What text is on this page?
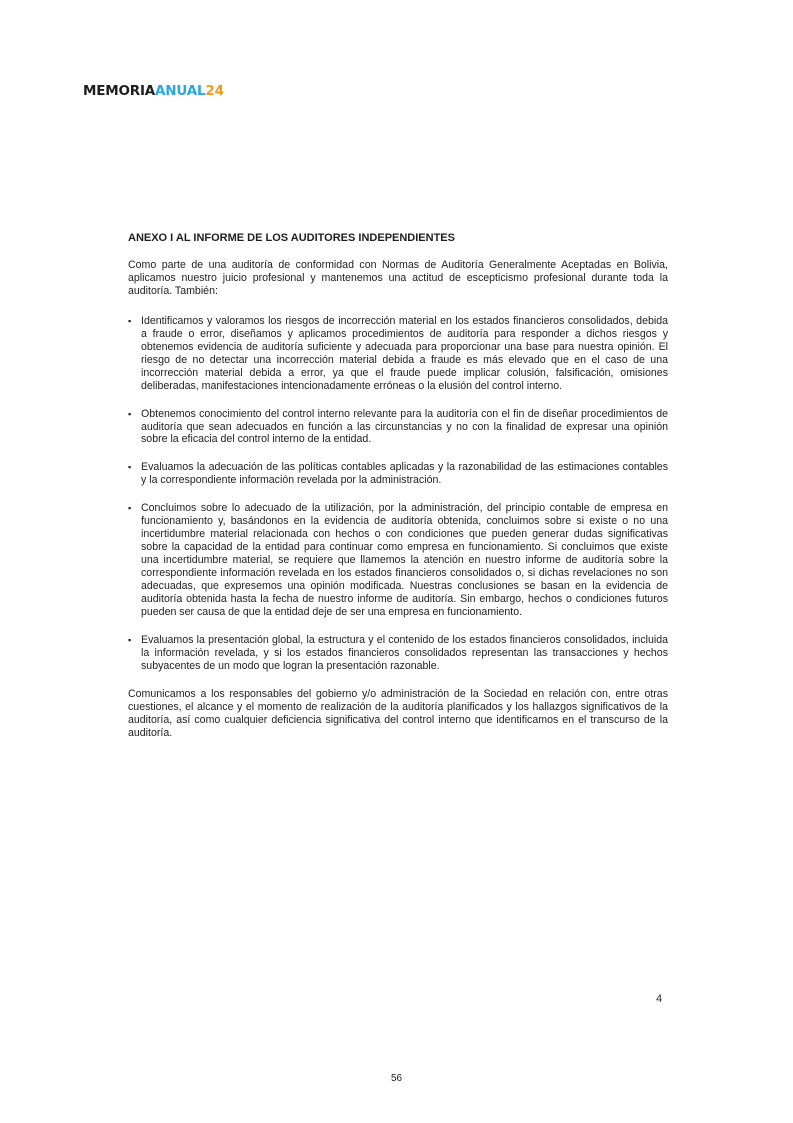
MEMORIAANUAL24
ANEXO I AL INFORME DE LOS AUDITORES INDEPENDIENTES

Como parte de una auditoría de conformidad con Normas de Auditoría Generalmente Aceptadas en Bolivia, aplicamos nuestro juicio profesional y mantenemos una actitud de escepticismo profesional durante toda la auditoría. También:

▪ Identificamos y valoramos los riesgos de incorrección material en los estados financieros consolidados, debida a fraude o error, diseñamos y aplicamos procedimientos de auditoría para responder a dichos riesgos y obtenemos evidencia de auditoría suficiente y adecuada para proporcionar una base para nuestra opinión. El riesgo de no detectar una incorrección material debida a fraude es más elevado que en el caso de una incorrección material debida a error, ya que el fraude puede implicar colusión, falsificación, omisiones deliberadas, manifestaciones intencionadamente erróneas o la elusión del control interno.
▪ Obtenemos conocimiento del control interno relevante para la auditoría con el fin de diseñar procedimientos de auditoría que sean adecuados en función a las circunstancias y no con la finalidad de expresar una opinión sobre la eficacia del control interno de la entidad.
▪ Evaluamos la adecuación de las políticas contables aplicadas y la razonabilidad de las estimaciones contables y la correspondiente información revelada por la administración.
▪ Concluimos sobre lo adecuado de la utilización, por la administración, del principio contable de empresa en funcionamiento y, basándonos en la evidencia de auditoría obtenida, concluimos sobre si existe o no una incertidumbre material relacionada con hechos o con condiciones que pueden generar dudas significativas sobre la capacidad de la entidad para continuar como empresa en funcionamiento. Si concluimos que existe una incertidumbre material, se requiere que llamemos la atención en nuestro informe de auditoría sobre la correspondiente información revelada en los estados financieros consolidados o, si dichas revelaciones no son adecuadas, que expresemos una opinión modificada. Nuestras conclusiones se basan en la evidencia de auditoría obtenida hasta la fecha de nuestro informe de auditoría. Sin embargo, hechos o condiciones futuros pueden ser causa de que la entidad deje de ser una empresa en funcionamiento.
▪ Evaluamos la presentación global, la estructura y el contenido de los estados financieros consolidados, incluida la información revelada, y si los estados financieros consolidados representan las transacciones y hechos subyacentes de un modo que logran la presentación razonable.

Comunicamos a los responsables del gobierno y/o administración de la Sociedad en relación con, entre otras cuestiones, el alcance y el momento de realización de la auditoría planificados y los hallazgos significativos de la auditoría, así como cualquier deficiencia significativa del control interno que identificamos en el transcurso de la auditoría.

4
56
